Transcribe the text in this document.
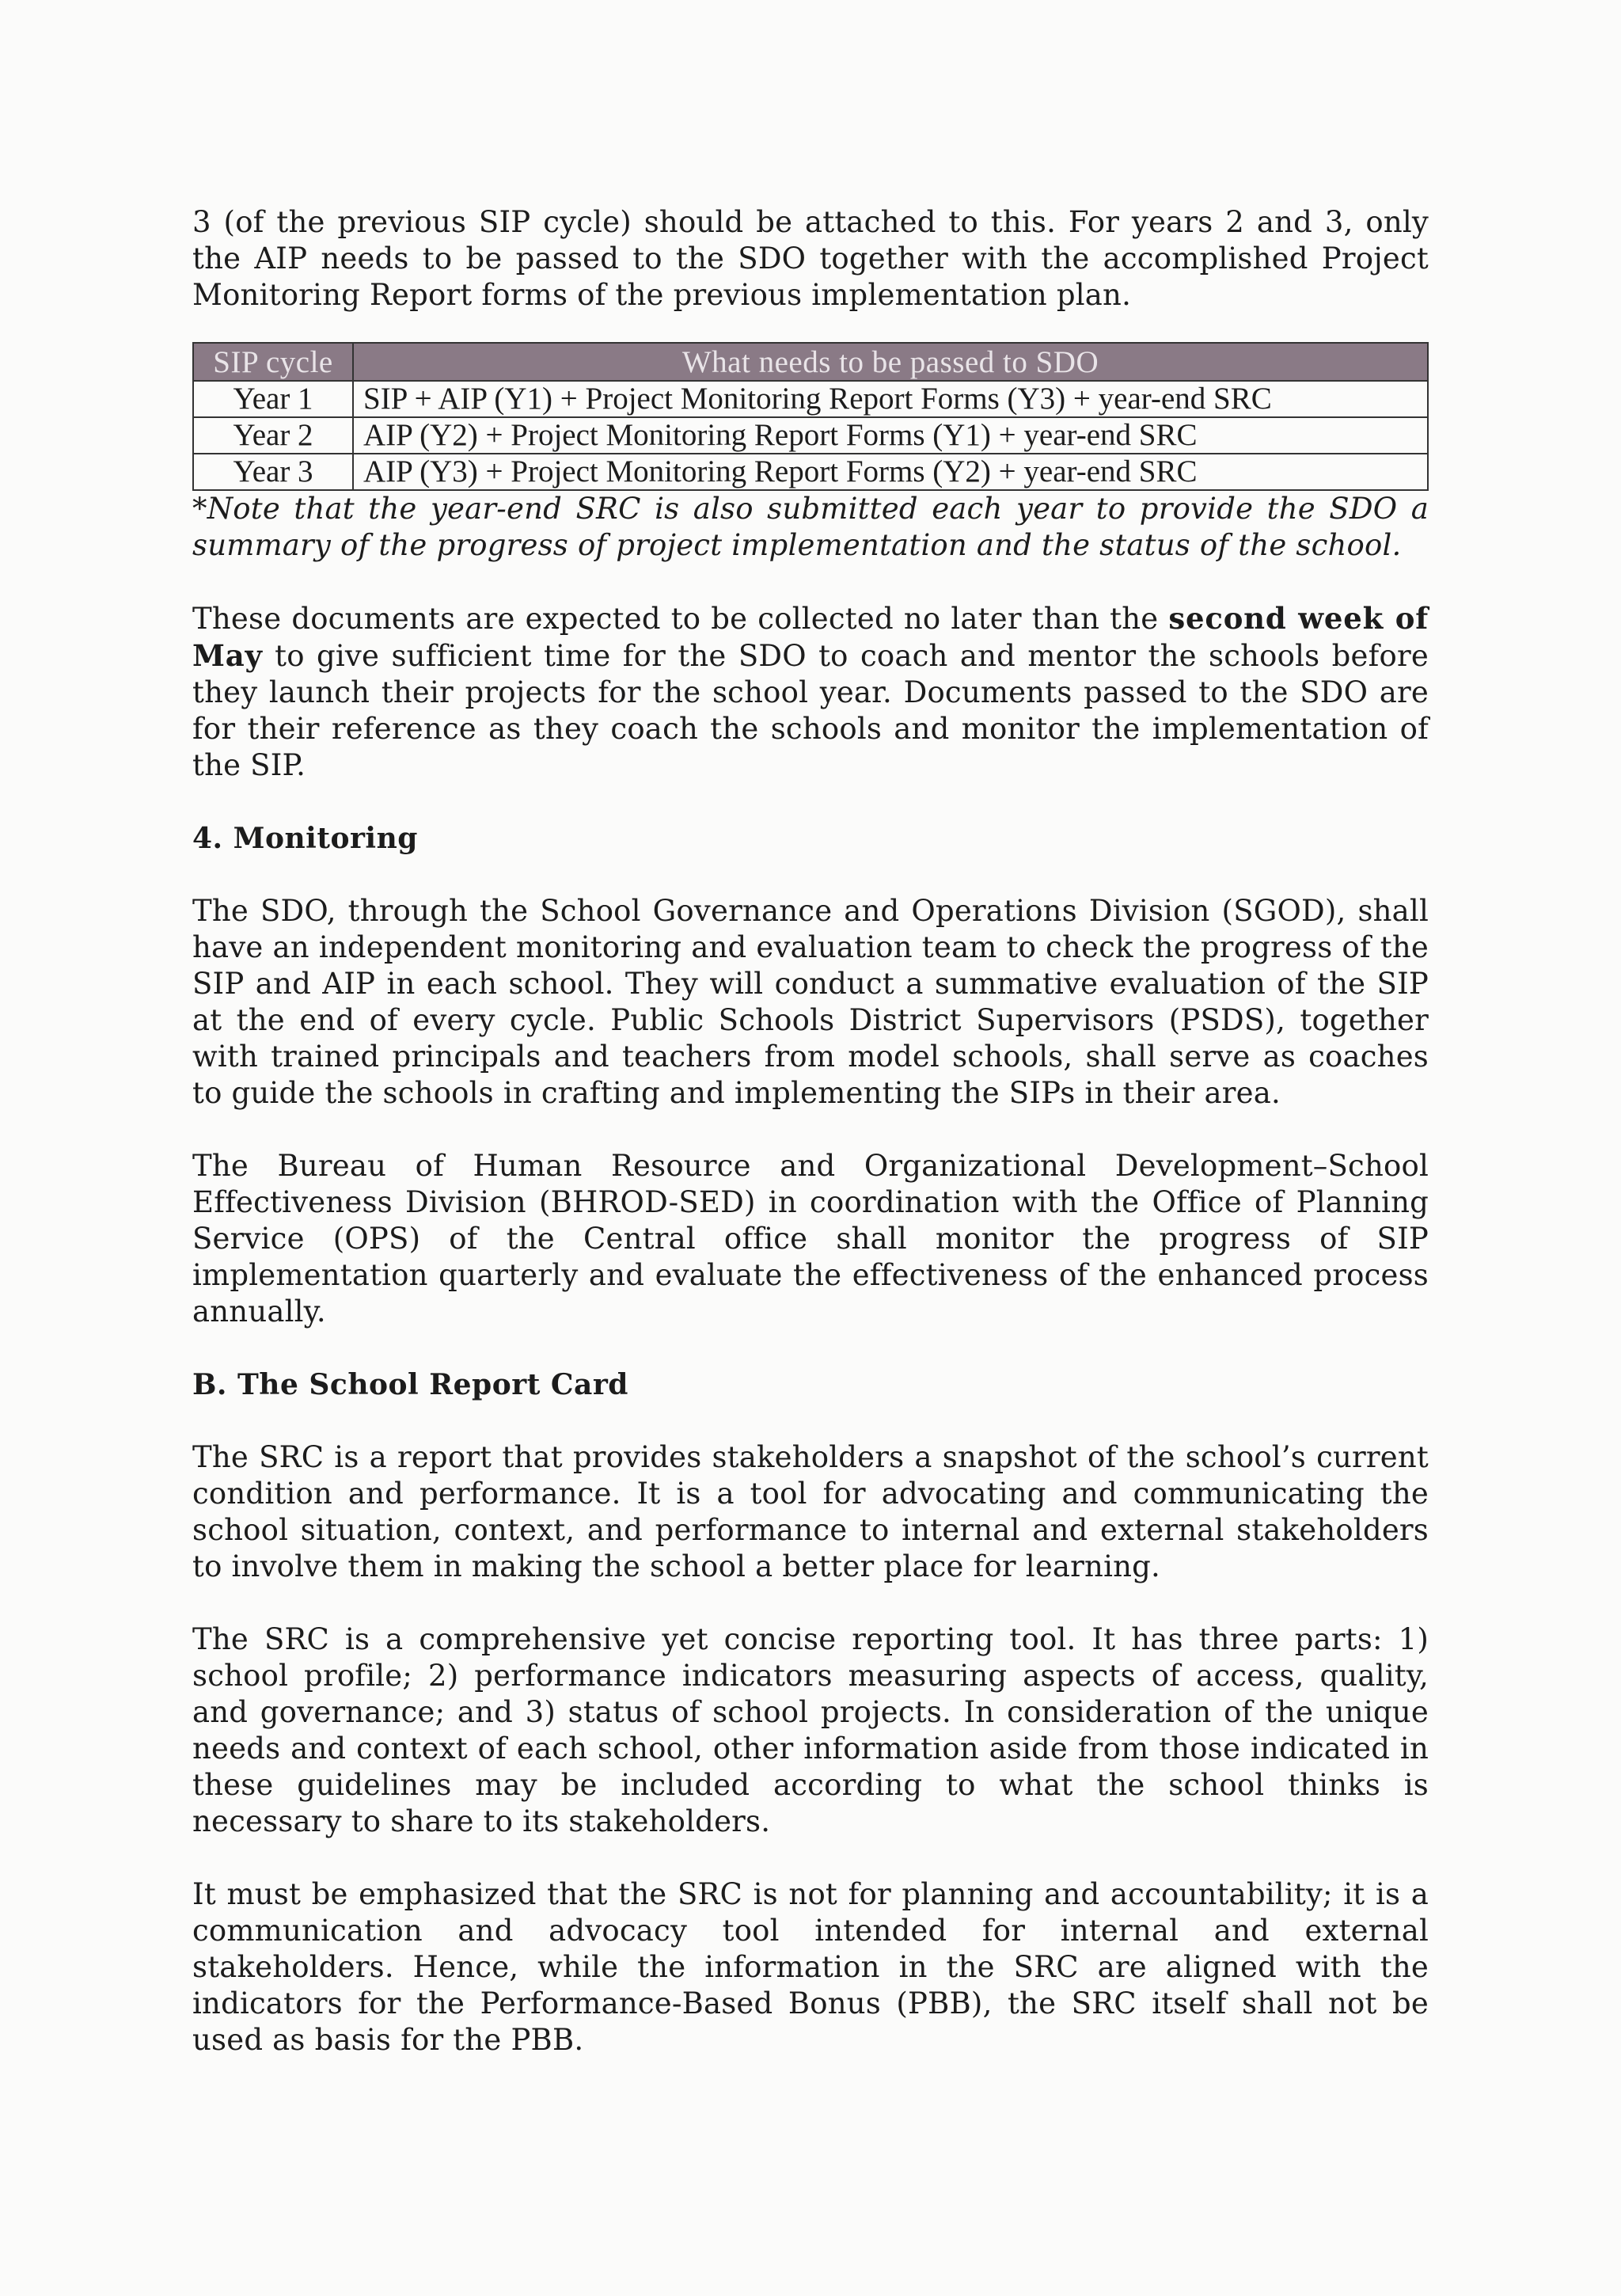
3 (of the previous SIP cycle) should be attached to this. For years 2 and 3, only the AIP needs to be passed to the SDO together with the accomplished Project Monitoring Report forms of the previous implementation plan.

SIP cycle	What needs to be passed to SDO
Year 1	SIP + AIP (Y1) + Project Monitoring Report Forms (Y3) + year-end SRC
Year 2	AIP (Y2) + Project Monitoring Report Forms (Y1) + year-end SRC
Year 3	AIP (Y3) + Project Monitoring Report Forms (Y2) + year-end SRC

*Note that the year-end SRC is also submitted each year to provide the SDO a summary of the progress of project implementation and the status of the school.

These documents are expected to be collected no later than the second week of May to give sufficient time for the SDO to coach and mentor the schools before they launch their projects for the school year. Documents passed to the SDO are for their reference as they coach the schools and monitor the implementation of the SIP.

4. Monitoring

The SDO, through the School Governance and Operations Division (SGOD), shall have an independent monitoring and evaluation team to check the progress of the SIP and AIP in each school. They will conduct a summative evaluation of the SIP at the end of every cycle. Public Schools District Supervisors (PSDS), together with trained principals and teachers from model schools, shall serve as coaches to guide the schools in crafting and implementing the SIPs in their area.

The Bureau of Human Resource and Organizational Development–School Effectiveness Division (BHROD-SED) in coordination with the Office of Planning Service (OPS) of the Central office shall monitor the progress of SIP implementation quarterly and evaluate the effectiveness of the enhanced process annually.

B. The School Report Card

The SRC is a report that provides stakeholders a snapshot of the school’s current condition and performance. It is a tool for advocating and communicating the school situation, context, and performance to internal and external stakeholders to involve them in making the school a better place for learning.

The SRC is a comprehensive yet concise reporting tool. It has three parts: 1) school profile; 2) performance indicators measuring aspects of access, quality, and governance; and 3) status of school projects. In consideration of the unique needs and context of each school, other information aside from those indicated in these guidelines may be included according to what the school thinks is necessary to share to its stakeholders.

It must be emphasized that the SRC is not for planning and accountability; it is a communication and advocacy tool intended for internal and external stakeholders. Hence, while the information in the SRC are aligned with the indicators for the Performance-Based Bonus (PBB), the SRC itself shall not be used as basis for the PBB.
